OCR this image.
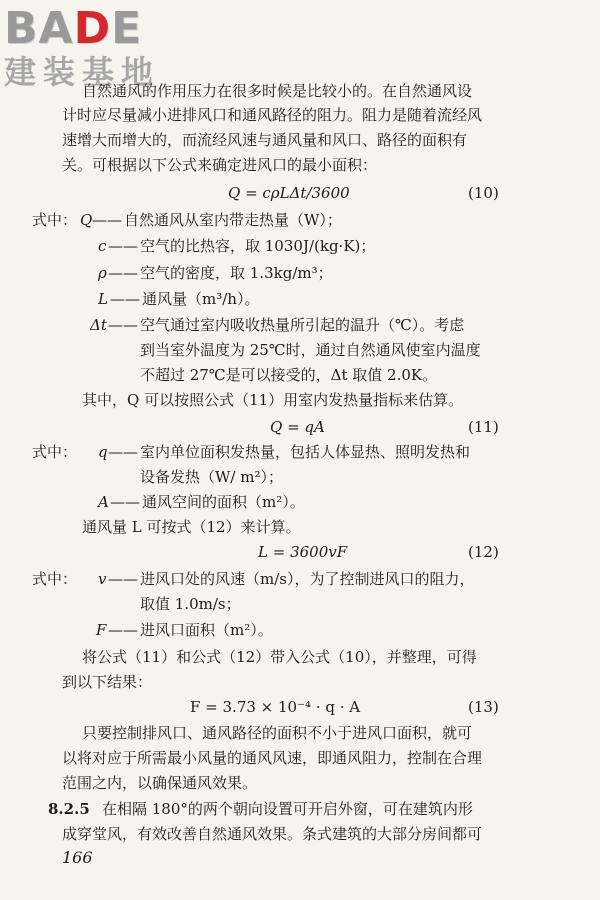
BADE
建装基地
自然通风的作用压力在很多时候是比较小的。在自然通风设
计时应尽量减小进排风口和通风路径的阻力。阻力是随着流经风
速增大而增大的，而流经风速与通风量和风口、路径的面积有
关。可根据以下公式来确定进风口的最小面积：
Q = cρLΔt/3600	(10)
式中： Q —— 自然通风从室内带走热量（W）；
c —— 空气的比热容，取 1030J/(kg·K)；
ρ —— 空气的密度，取 1.3kg/m³；
L —— 通风量（m³/h）。
Δt —— 空气通过室内吸收热量所引起的温升（℃）。考虑
到当室外温度为 25℃时，通过自然通风使室内温度
不超过 27℃是可以接受的，Δt 取值 2.0K。
其中，Q 可以按照公式（11）用室内发热量指标来估算。
Q = qA	(11)
式中： q —— 室内单位面积发热量，包括人体显热、照明发热和
设备发热（W/ m²）；
A —— 通风空间的面积（m²）。
通风量 L 可按式（12）来计算。
L = 3600vF	(12)
式中： v —— 进风口处的风速（m/s），为了控制进风口的阻力，
取值 1.0m/s；
F —— 进风口面积（m²）。
将公式（11）和公式（12）带入公式（10），并整理，可得
到以下结果：
F = 3.73 × 10⁻⁴ · q · A	(13)
只要控制排风口、通风路径的面积不小于进风口面积，就可
以将对应于所需最小风量的通风风速，即通风阻力，控制在合理
范围之内，以确保通风效果。
8.2.5 在相隔 180°的两个朝向设置可开启外窗，可在建筑内形
成穿堂风，有效改善自然通风效果。条式建筑的大部分房间都可
166
